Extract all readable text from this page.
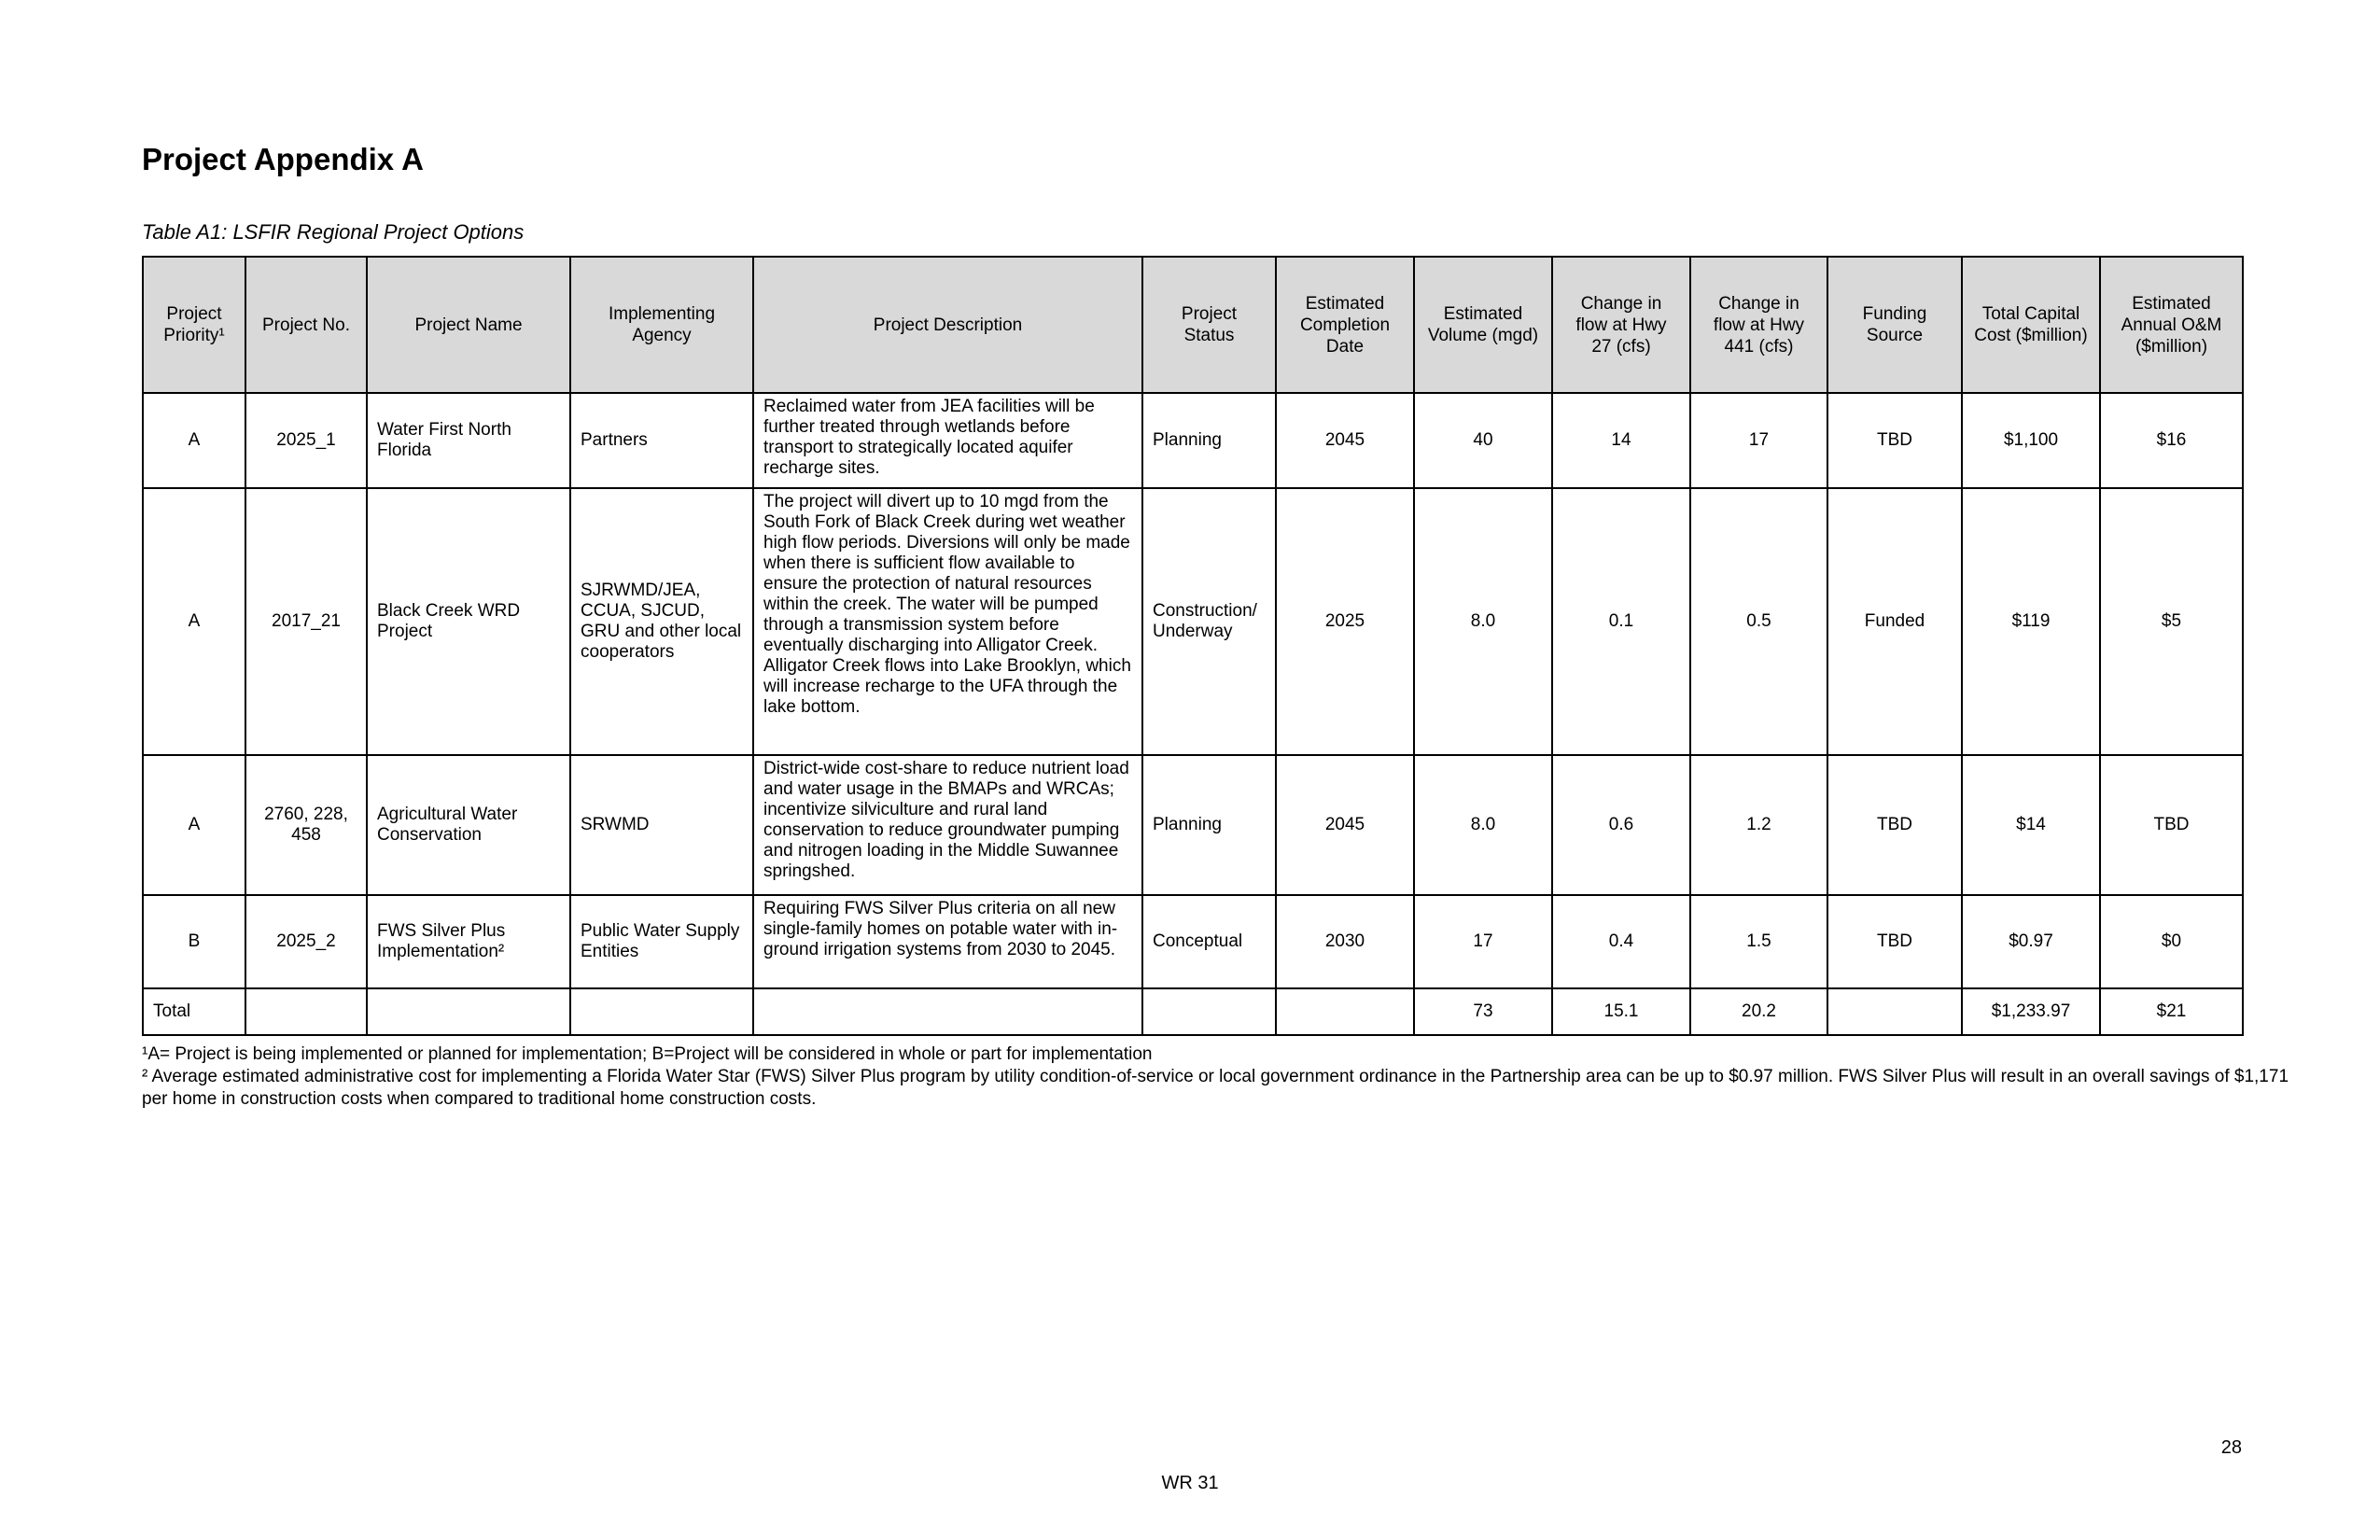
Project Appendix A

Table A1: LSFIR Regional Project Options

Project Priority¹	Project No.	Project Name	Implementing Agency	Project Description	Project Status	Estimated Completion Date	Estimated Volume (mgd)	Change in flow at Hwy 27 (cfs)	Change in flow at Hwy 441 (cfs)	Funding Source	Total Capital Cost ($million)	Estimated Annual O&M ($million)
A	2025_1	Water First North Florida	Partners	Reclaimed water from JEA facilities will be further treated through wetlands before transport to strategically located aquifer recharge sites.	Planning	2045	40	14	17	TBD	$1,100	$16
A	2017_21	Black Creek WRD Project	SJRWMD/JEA, CCUA, SJCUD, GRU and other local cooperators	The project will divert up to 10 mgd from the South Fork of Black Creek during wet weather high flow periods. Diversions will only be made when there is sufficient flow available to ensure the protection of natural resources within the creek. The water will be pumped through a transmission system before eventually discharging into Alligator Creek. Alligator Creek flows into Lake Brooklyn, which will increase recharge to the UFA through the lake bottom.	Construction/ Underway	2025	8.0	0.1	0.5	Funded	$119	$5
A	2760, 228, 458	Agricultural Water Conservation	SRWMD	District-wide cost-share to reduce nutrient load and water usage in the BMAPs and WRCAs; incentivize silviculture and rural land conservation to reduce groundwater pumping and nitrogen loading in the Middle Suwannee springshed.	Planning	2045	8.0	0.6	1.2	TBD	$14	TBD
B	2025_2	FWS Silver Plus Implementation²	Public Water Supply Entities	Requiring FWS Silver Plus criteria on all new single-family homes on potable water with in-ground irrigation systems from 2030 to 2045.	Conceptual	2030	17	0.4	1.5	TBD	$0.97	$0
Total							73	15.1	20.2		$1,233.97	$21

¹A= Project is being implemented or planned for implementation; B=Project will be considered in whole or part for implementation

² Average estimated administrative cost for implementing a Florida Water Star (FWS) Silver Plus program by utility condition-of-service or local government ordinance in the Partnership area can be up to $0.97 million. FWS Silver Plus will result in an overall savings of $1,171 per home in construction costs when compared to traditional home construction costs.

28
WR 31
